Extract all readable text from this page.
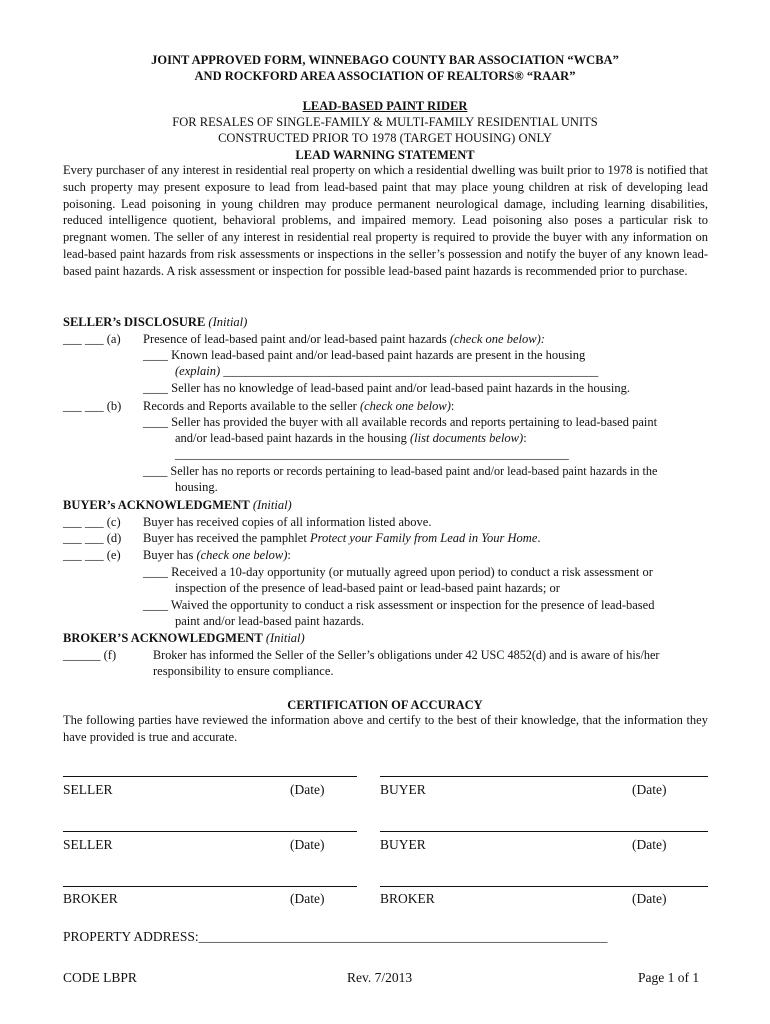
JOINT APPROVED FORM, WINNEBAGO COUNTY BAR ASSOCIATION “WCBA”
AND ROCKFORD AREA ASSOCIATION OF REALTORS® “RAAR”
LEAD-BASED PAINT RIDER
FOR RESALES OF SINGLE-FAMILY & MULTI-FAMILY RESIDENTIAL UNITS
CONSTRUCTED PRIOR TO 1978 (TARGET HOUSING) ONLY
LEAD WARNING STATEMENT
Every purchaser of any interest in residential real property on which a residential dwelling was built prior to 1978 is notified that such property may present exposure to lead from lead-based paint that may place young children at risk of developing lead poisoning. Lead poisoning in young children may produce permanent neurological damage, including learning disabilities, reduced intelligence quotient, behavioral problems, and impaired memory. Lead poisoning also poses a particular risk to pregnant women. The seller of any interest in residential real property is required to provide the buyer with any information on lead-based paint hazards from risk assessments or inspections in the seller’s possession and notify the buyer of any known lead-based paint hazards. A risk assessment or inspection for possible lead-based paint hazards is recommended prior to purchase.
SELLER’s DISCLOSURE (Initial)
___ ___ (a) Presence of lead-based paint and/or lead-based paint hazards (check one below):
____ Known lead-based paint and/or lead-based paint hazards are present in the housing
(explain) ____________________________________________________________
____ Seller has no knowledge of lead-based paint and/or lead-based paint hazards in the housing.
___ ___ (b) Records and Reports available to the seller (check one below):
____ Seller has provided the buyer with all available records and reports pertaining to lead-based paint
and/or lead-based paint hazards in the housing (list documents below):
_______________________________________________________________
____ Seller has no reports or records pertaining to lead-based paint and/or lead-based paint hazards in the
housing.
BUYER’s ACKNOWLEDGMENT (Initial)
___ ___ (c) Buyer has received copies of all information listed above.
___ ___ (d) Buyer has received the pamphlet Protect your Family from Lead in Your Home.
___ ___ (e) Buyer has (check one below):
____ Received a 10-day opportunity (or mutually agreed upon period) to conduct a risk assessment or
inspection of the presence of lead-based paint or lead-based paint hazards; or
____ Waived the opportunity to conduct a risk assessment or inspection for the presence of lead-based
paint and/or lead-based paint hazards.
BROKER’S ACKNOWLEDGMENT (Initial)
______ (f)	Broker has informed the Seller of the Seller’s obligations under 42 USC 4852(d) and is aware of his/her
responsibility to ensure compliance.
CERTIFICATION OF ACCURACY
The following parties have reviewed the information above and certify to the best of their knowledge, that the information they have provided is true and accurate.
SELLER	(Date)	BUYER	(Date)
SELLER	(Date)	BUYER	(Date)
BROKER	(Date)	BROKER	(Date)
PROPERTY ADDRESS:__________________________________________________________________
CODE LBPR	Rev. 7/2013	Page 1 of 1
